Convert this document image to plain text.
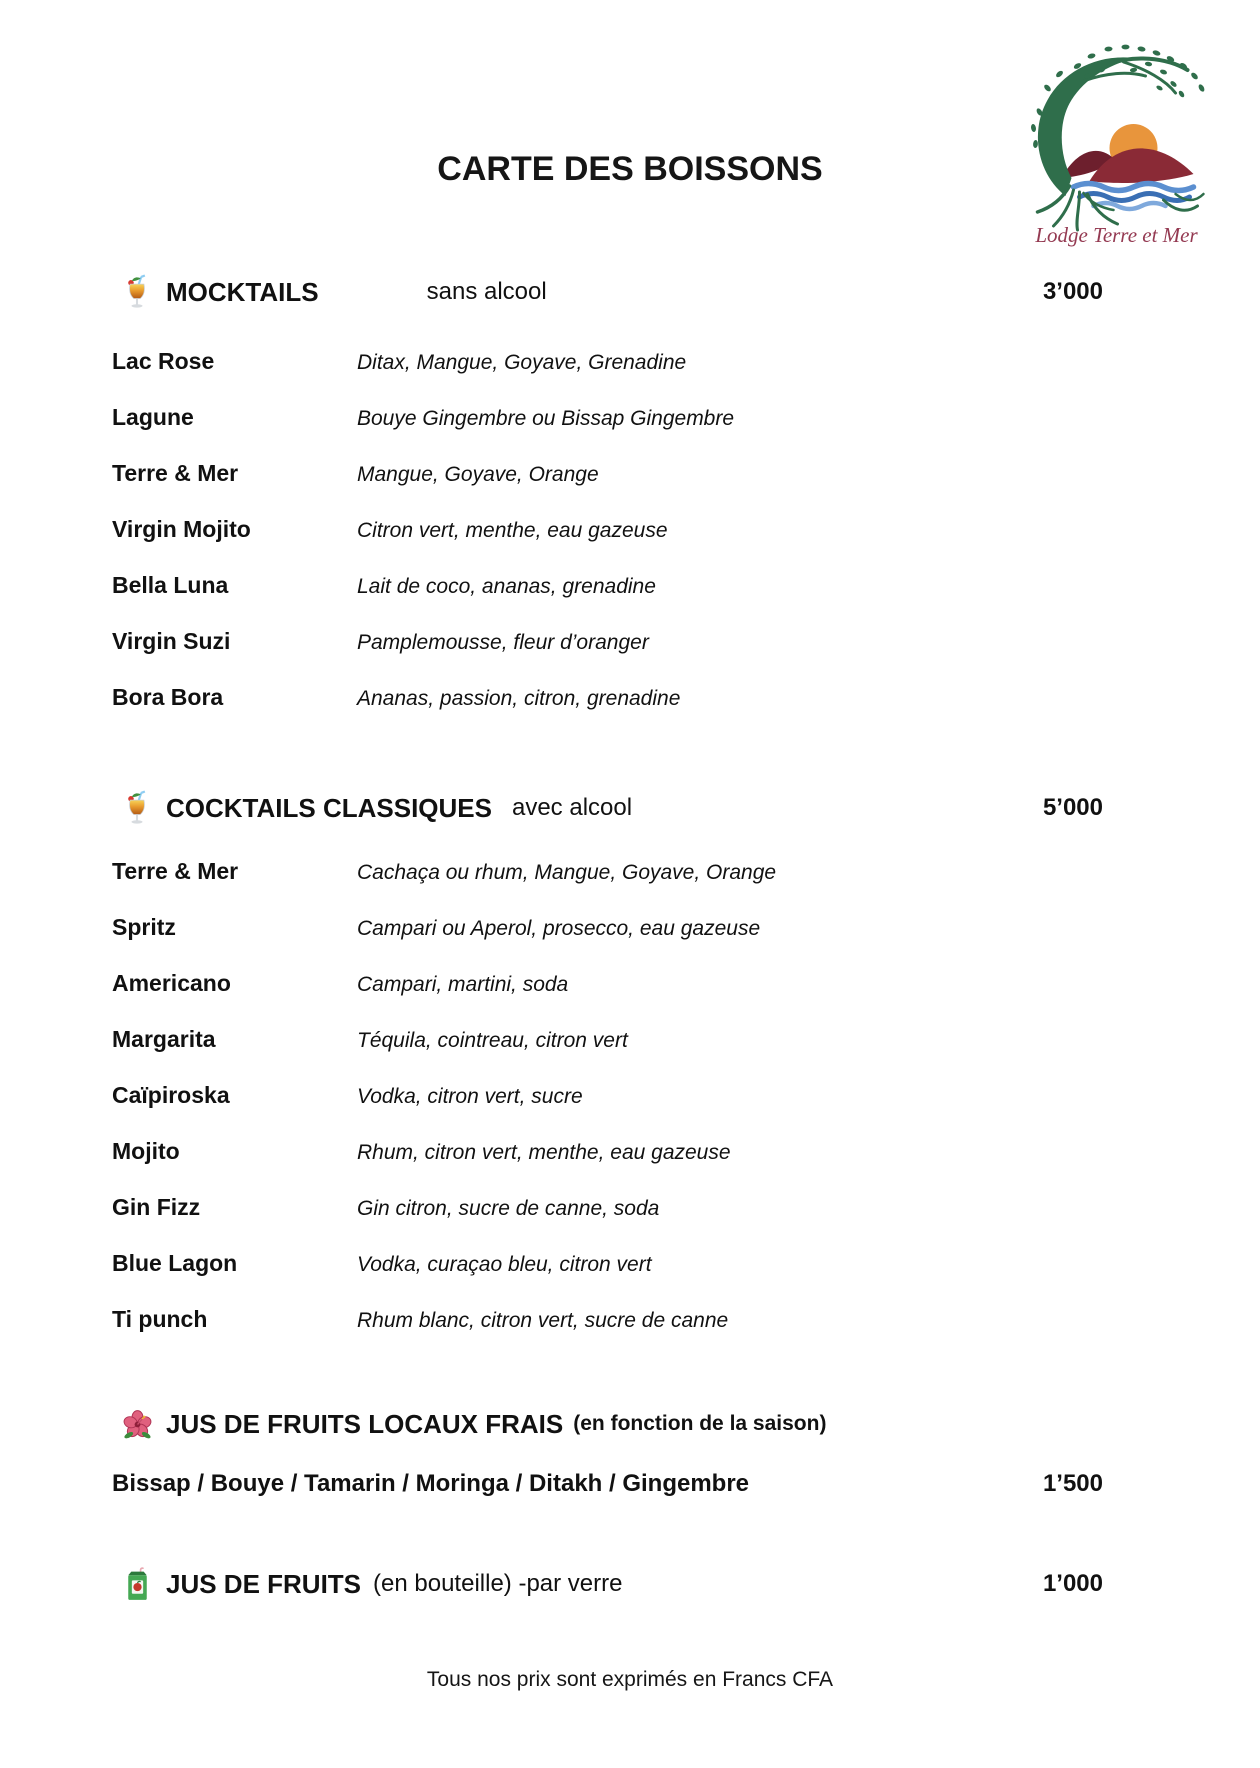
CARTE DES BOISSONS
Lodge Terre et Mer
MOCKTAILS	sans alcool	3’000
Lac Rose	Ditax, Mangue, Goyave, Grenadine
Lagune	Bouye Gingembre ou Bissap Gingembre
Terre & Mer	Mangue, Goyave, Orange
Virgin Mojito	Citron vert, menthe, eau gazeuse
Bella Luna	Lait de coco, ananas, grenadine
Virgin Suzi	Pamplemousse, fleur d’oranger
Bora Bora	Ananas, passion, citron, grenadine
COCKTAILS CLASSIQUES avec alcool	5’000
Terre & Mer	Cachaça ou rhum, Mangue, Goyave, Orange
Spritz	Campari ou Aperol, prosecco, eau gazeuse
Americano	Campari, martini, soda
Margarita	Téquila, cointreau, citron vert
Caïpiroska	Vodka, citron vert, sucre
Mojito	Rhum, citron vert, menthe, eau gazeuse
Gin Fizz	Gin citron, sucre de canne, soda
Blue Lagon	Vodka, curaçao bleu, citron vert
Ti punch	Rhum blanc, citron vert, sucre de canne
JUS DE FRUITS LOCAUX FRAIS (en fonction de la saison)
Bissap / Bouye / Tamarin / Moringa / Ditakh / Gingembre	1’500
JUS DE FRUITS (en bouteille) -par verre	1’000
Tous nos prix sont exprimés en Francs CFA
